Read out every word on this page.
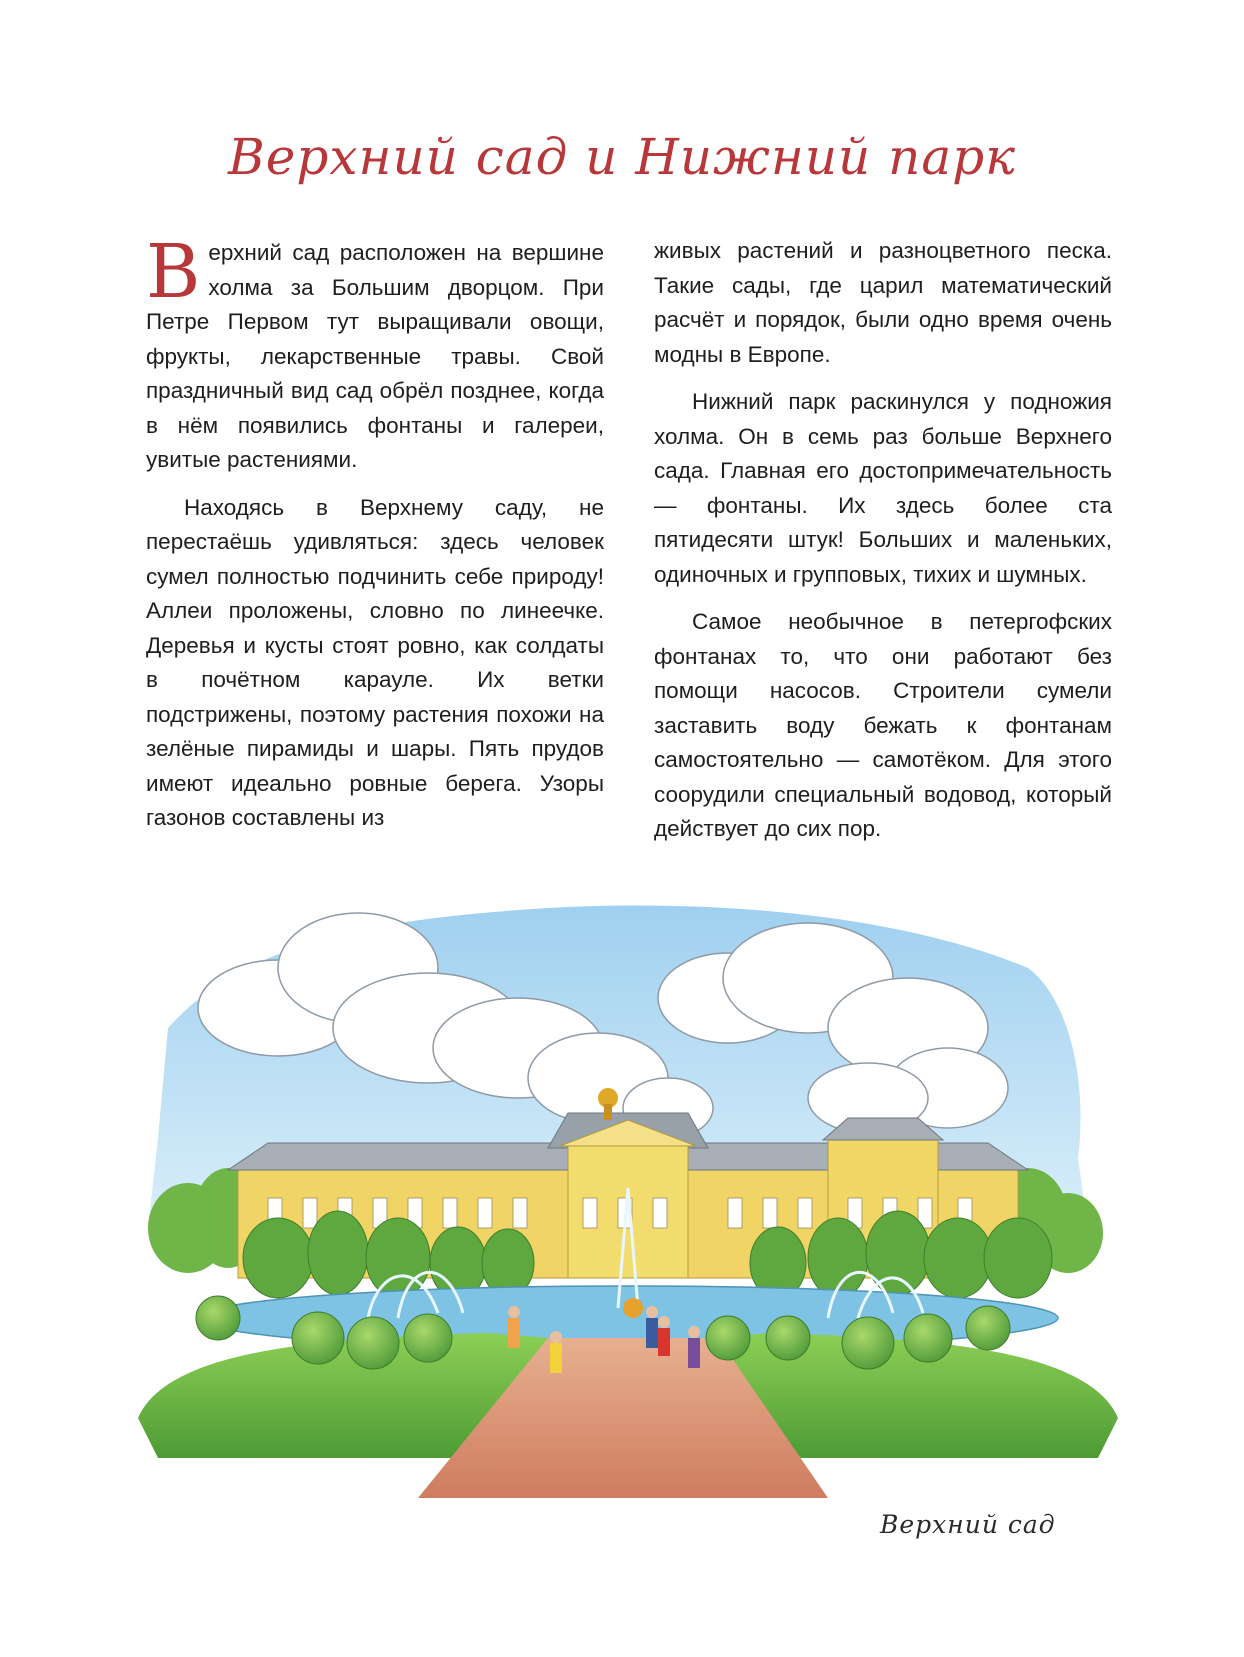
Верхний сад и Нижний парк

Верхний сад расположен на вершине холма за Большим дворцом. При Петре Первом тут выращивали овощи, фрукты, лекарственные травы. Свой праздничный вид сад обрёл позднее, когда в нём появились фонтаны и галереи, увитые растениями.

Находясь в Верхнему саду, не перестаёшь удивляться: здесь человек сумел полностью подчинить себе природу! Аллеи проложены, словно по линеечке. Деревья и кусты стоят ровно, как солдаты в почётном карауле. Их ветки подстрижены, поэтому растения похожи на зелёные пирамиды и шары. Пять прудов имеют идеально ровные берега. Узоры газонов составлены из

живых растений и разноцветного песка. Такие сады, где царил математический расчёт и порядок, были одно время очень модны в Европе.

Нижний парк раскинулся у подножия холма. Он в семь раз больше Верхнего сада. Главная его достопримечательность — фонтаны. Их здесь более ста пятидесяти штук! Больших и маленьких, одиночных и групповых, тихих и шумных.

Самое необычное в петергофских фонтанах то, что они работают без помощи насосов. Строители сумели заставить воду бежать к фонтанам самостоятельно — самотёком. Для этого соорудили специальный водовод, который действует до сих пор.

Верхний сад
